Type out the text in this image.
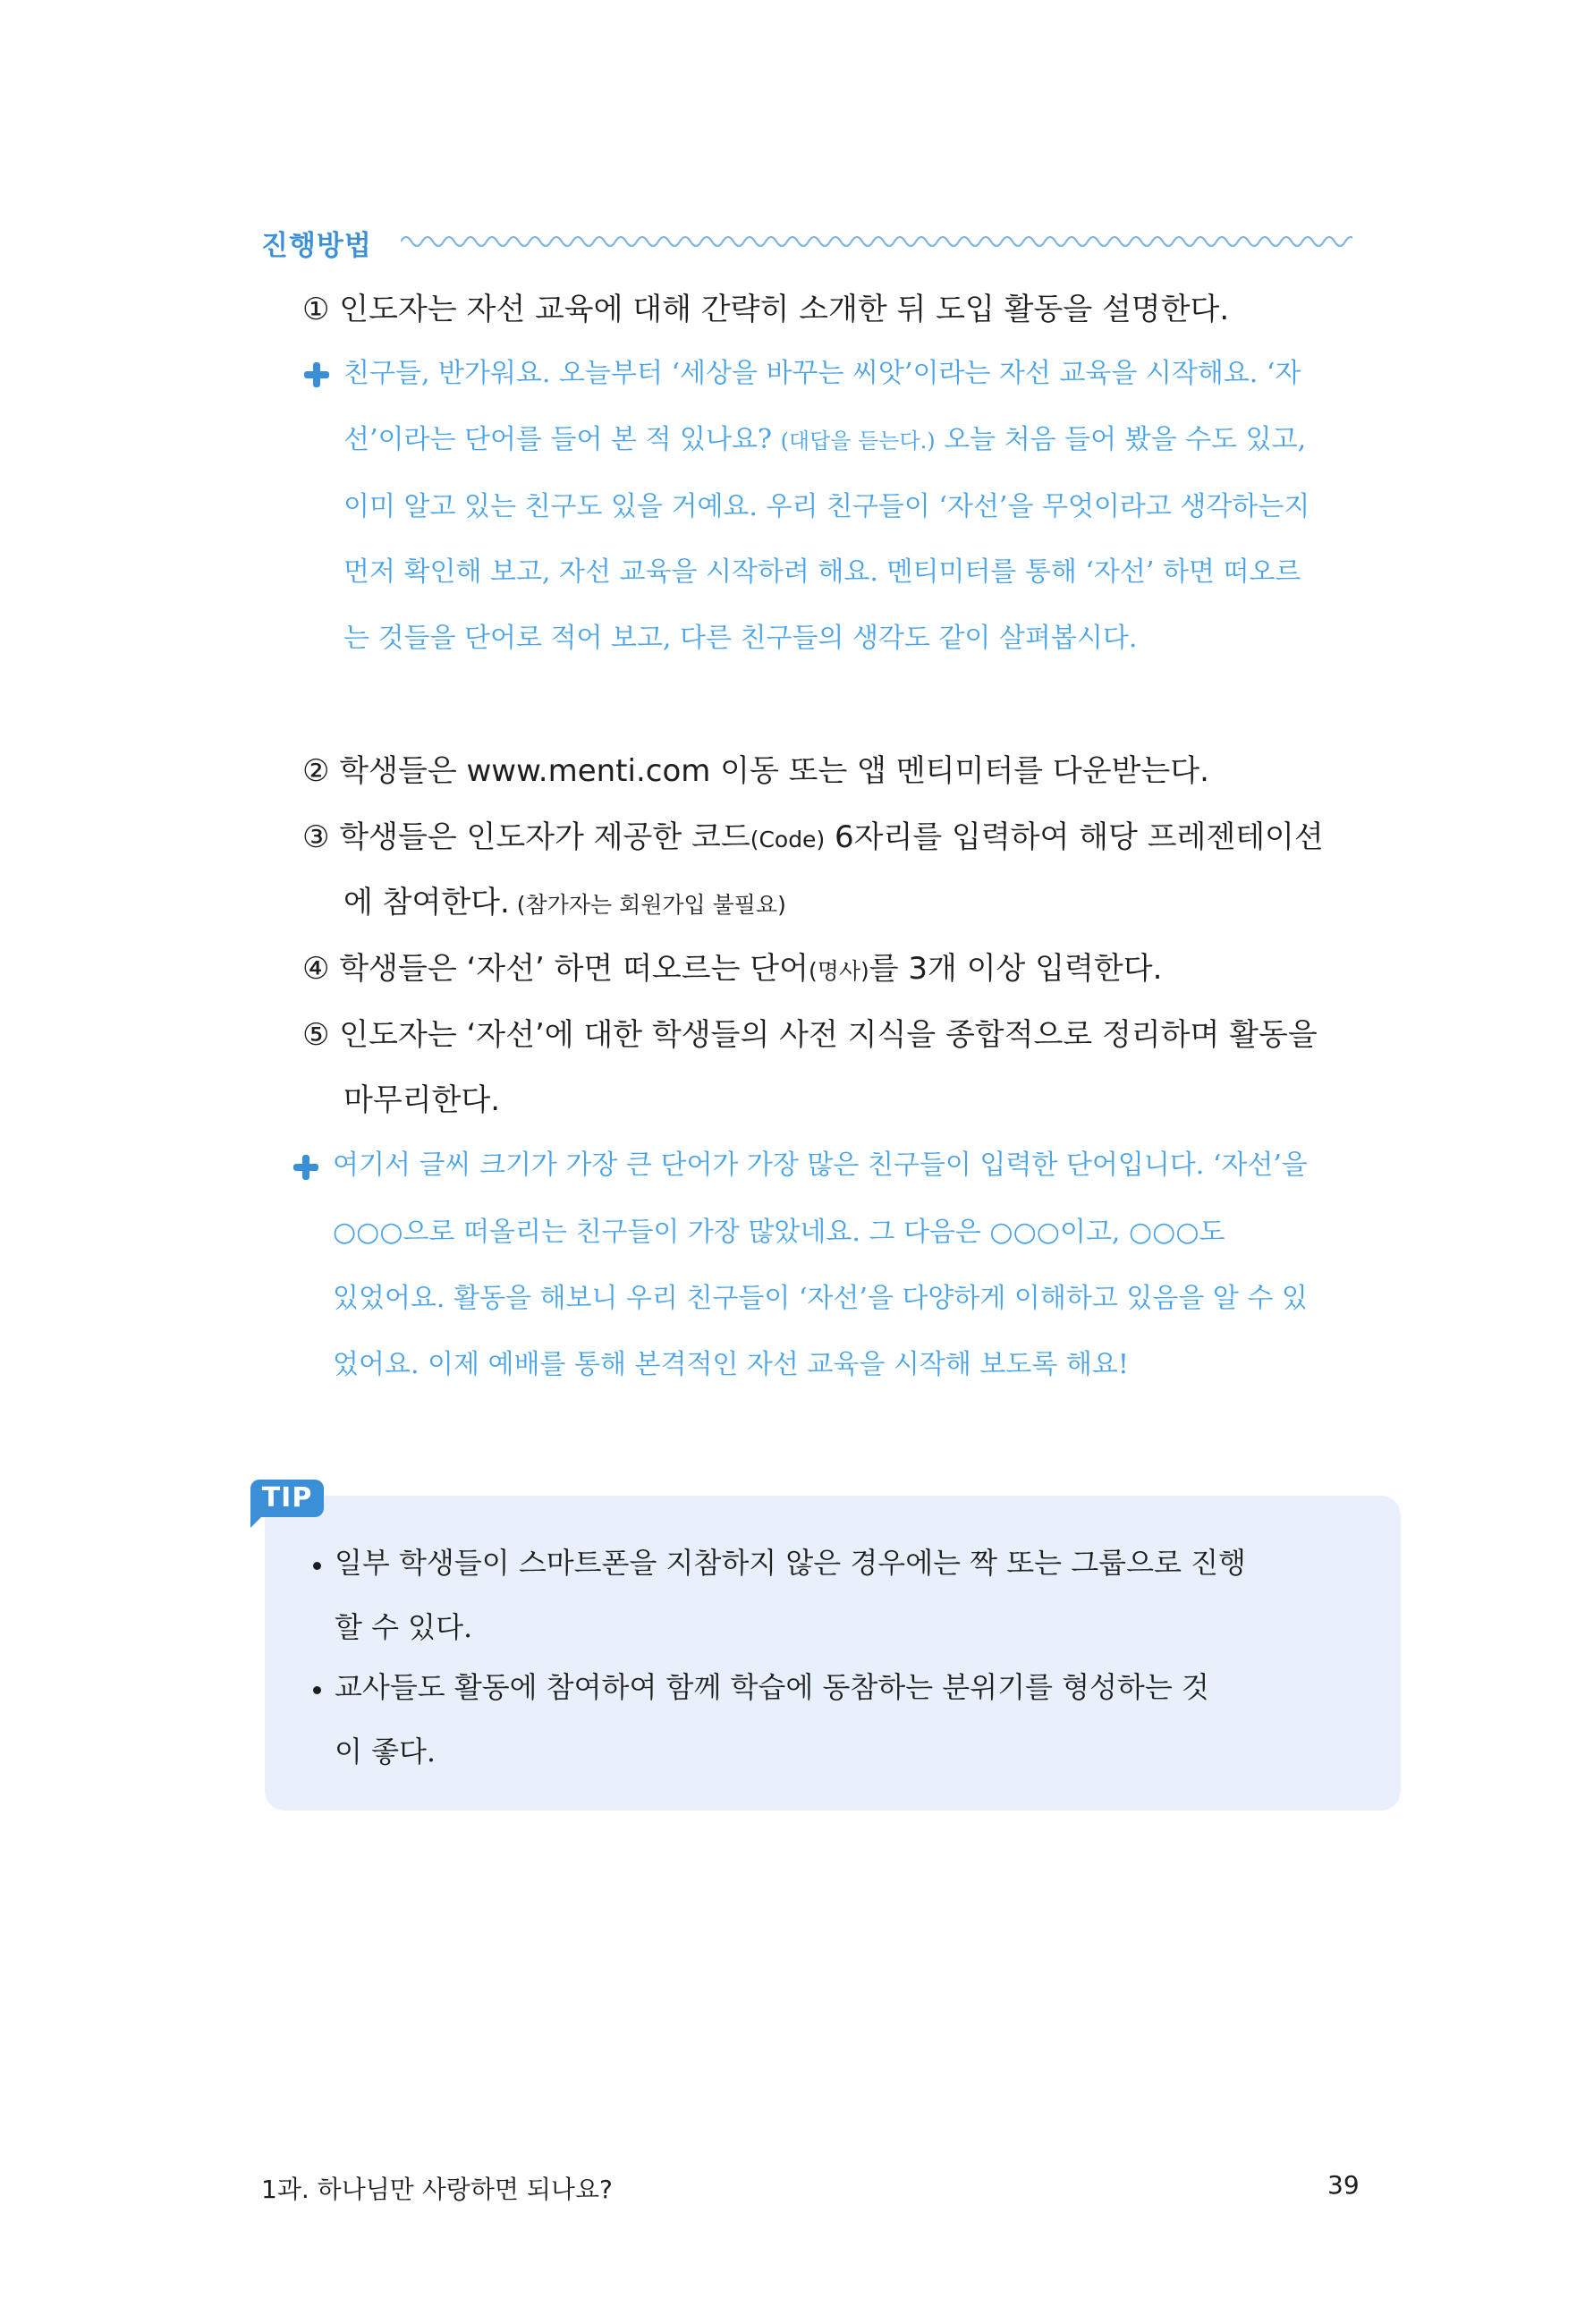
진행방법
① 인도자는 자선 교육에 대해 간략히 소개한 뒤 도입 활동을 설명한다.
친구들, 반가워요. 오늘부터 ‘세상을 바꾸는 씨앗’이라는 자선 교육을 시작해요. ‘자
선’이라는 단어를 들어 본 적 있나요? (대답을 듣는다.) 오늘 처음 들어 봤을 수도 있고,
이미 알고 있는 친구도 있을 거예요. 우리 친구들이 ‘자선’을 무엇이라고 생각하는지
먼저 확인해 보고, 자선 교육을 시작하려 해요. 멘티미터를 통해 ‘자선’ 하면 떠오르
는 것들을 단어로 적어 보고, 다른 친구들의 생각도 같이 살펴봅시다.
② 학생들은 www.menti.com 이동 또는 앱 멘티미터를 다운받는다.
③ 학생들은 인도자가 제공한 코드(Code) 6자리를 입력하여 해당 프레젠테이션
에 참여한다. (참가자는 회원가입 불필요)
④ 학생들은 ‘자선’ 하면 떠오르는 단어(명사)를 3개 이상 입력한다.
⑤ 인도자는 ‘자선’에 대한 학생들의 사전 지식을 종합적으로 정리하며 활동을
마무리한다.
여기서 글씨 크기가 가장 큰 단어가 가장 많은 친구들이 입력한 단어입니다. ‘자선’을
○○○으로 떠올리는 친구들이 가장 많았네요. 그 다음은 ○○○이고, ○○○도
있었어요. 활동을 해보니 우리 친구들이 ‘자선’을 다양하게 이해하고 있음을 알 수 있
었어요. 이제 예배를 통해 본격적인 자선 교육을 시작해 보도록 해요!
TIP
일부 학생들이 스마트폰을 지참하지 않은 경우에는 짝 또는 그룹으로 진행
할 수 있다.
교사들도 활동에 참여하여 함께 학습에 동참하는 분위기를 형성하는 것
이 좋다.
1과. 하나님만 사랑하면 되나요?	39
